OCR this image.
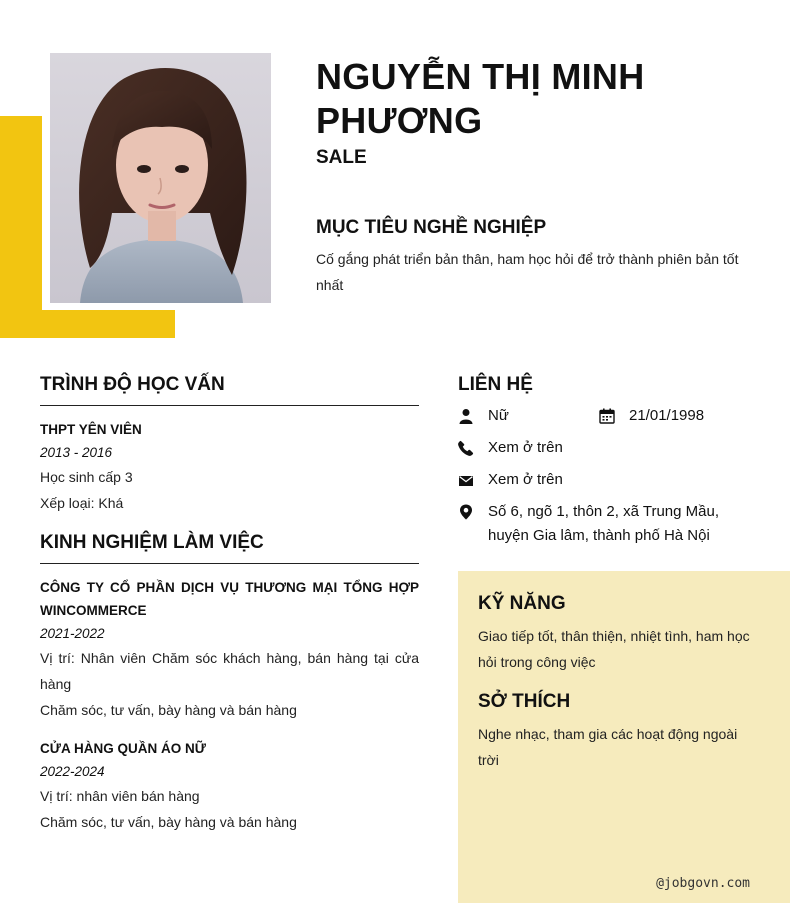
NGUYỄN THỊ MINH PHƯƠNG
SALE
MỤC TIÊU NGHỀ NGHIỆP
Cố gắng phát triển bản thân, ham học hỏi để trở thành phiên bản tốt nhất
TRÌNH ĐỘ HỌC VẤN
THPT YÊN VIÊN
2013 - 2016
Học sinh cấp 3
Xếp loại: Khá
KINH NGHIỆM LÀM VIỆC
CÔNG TY CỔ PHẦN DỊCH VỤ THƯƠNG MẠI TỔNG HỢP WINCOMMERCE
2021-2022
Vị trí: Nhân viên Chăm sóc khách hàng, bán hàng tại cửa hàng
Chăm sóc, tư vấn, bày hàng và bán hàng
CỬA HÀNG QUẦN ÁO NỮ
2022-2024
Vị trí: nhân viên bán hàng
Chăm sóc, tư vấn, bày hàng và bán hàng
LIÊN HỆ
Nữ	21/01/1998
Xem ở trên
Xem ở trên
Số 6, ngõ 1, thôn 2, xã Trung Mầu, huyện Gia lâm, thành phố Hà Nội
KỸ NĂNG
Giao tiếp tốt, thân thiện, nhiệt tình, ham học hỏi trong công việc
SỞ THÍCH
Nghe nhạc, tham gia các hoạt động ngoài trời
@jobgovn.com
